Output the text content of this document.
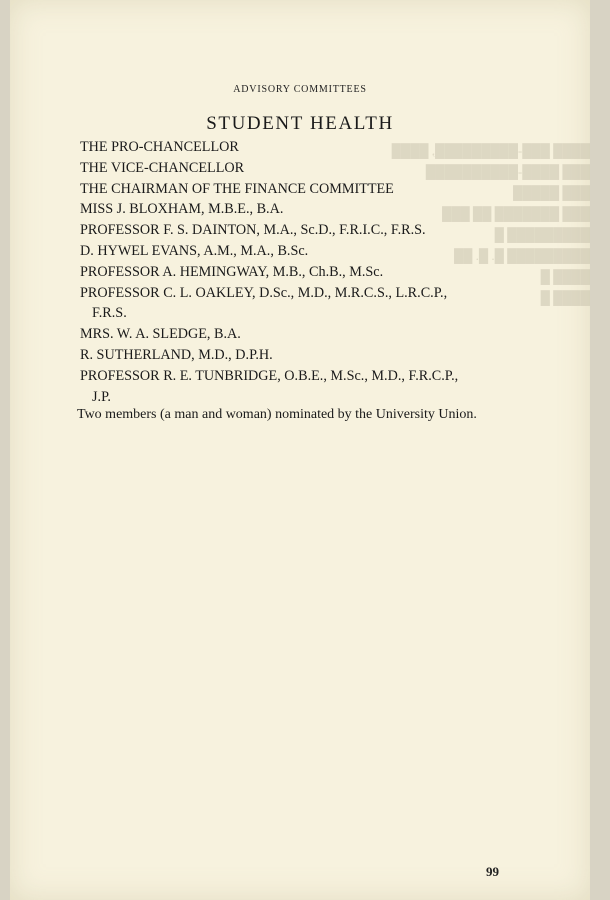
████ ███-█████████, ████
███ ████-██████████
███ █████
███ ███████ ██ ███
█████████ █
█████████ █. █. ██
████ █
████ █
ADVISORY COMMITTEES
STUDENT HEALTH
THE PRO-CHANCELLOR
THE VICE-CHANCELLOR
THE CHAIRMAN OF THE FINANCE COMMITTEE
MISS J. BLOXHAM, M.B.E., B.A.
PROFESSOR F. S. DAINTON, M.A., Sc.D., F.R.I.C., F.R.S.
D. HYWEL EVANS, A.M., M.A., B.Sc.
PROFESSOR A. HEMINGWAY, M.B., Ch.B., M.Sc.
PROFESSOR C. L. OAKLEY, D.Sc., M.D., M.R.C.S., L.R.C.P.,
F.R.S.
MRS. W. A. SLEDGE, B.A.
R. SUTHERLAND, M.D., D.P.H.
PROFESSOR R. E. TUNBRIDGE, O.B.E., M.Sc., M.D., F.R.C.P.,
J.P.
Two members (a man and woman) nominated by the University Union.
99
